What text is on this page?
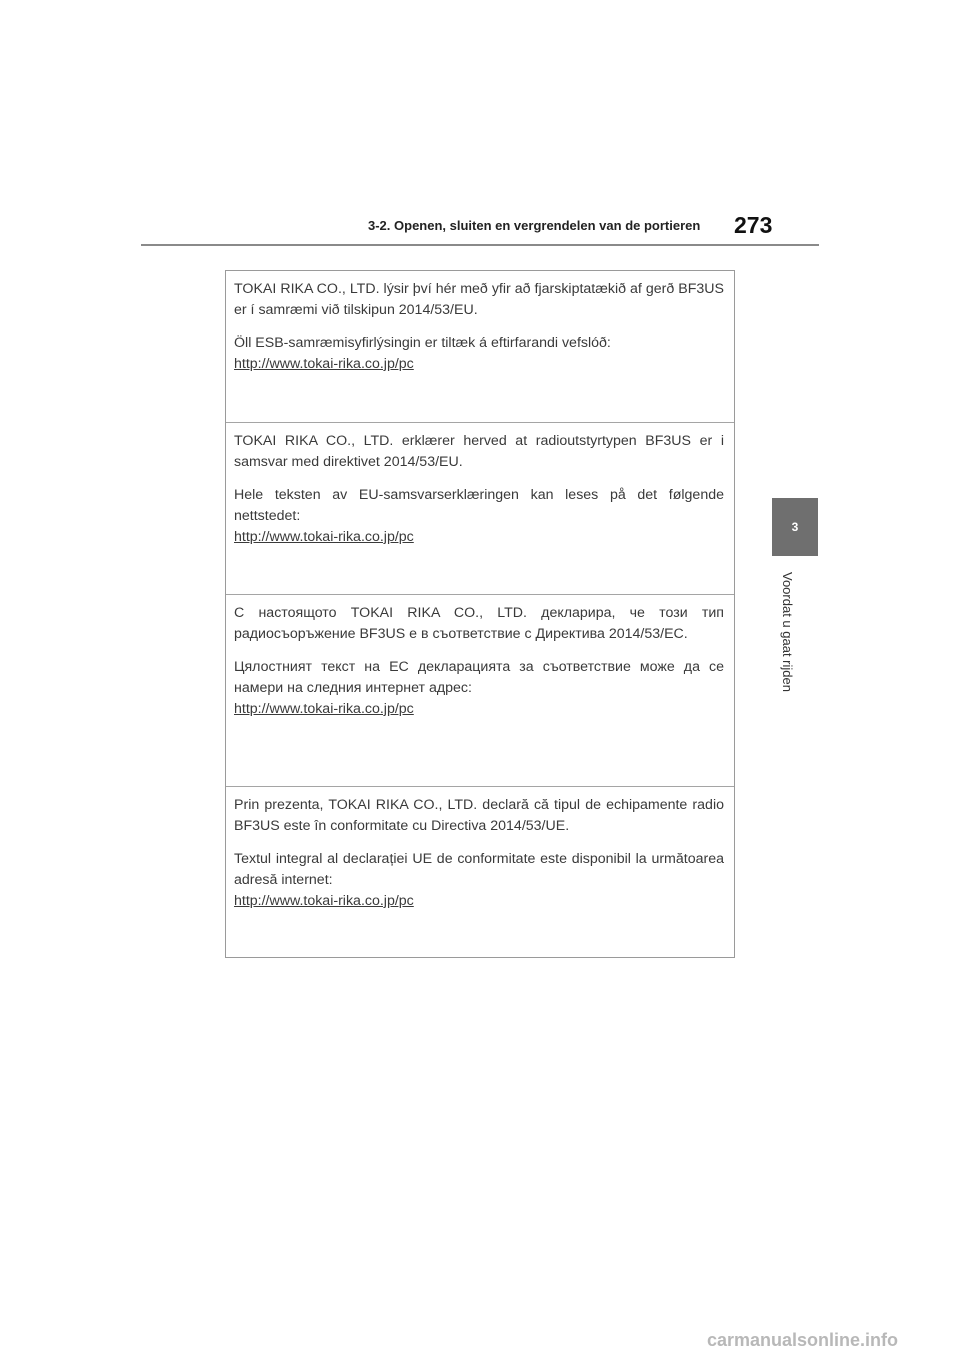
3-2. Openen, sluiten en vergrendelen van de portieren 273
3
Voordat u gaat rijden

TOKAI RIKA CO., LTD. lýsir því hér með yfir að fjarskiptatækið af gerð BF3US er í samræmi við tilskipun 2014/53/EU.

Öll ESB-samræmisyfirlýsingin er tiltæk á eftirfarandi vefslóð:

http://www.tokai-rika.co.jp/pc

TOKAI RIKA CO., LTD. erklærer herved at radioutstyrtypen BF3US er i samsvar med direktivet 2014/53/EU.

Hele teksten av EU-samsvarserklæringen kan leses på det følgende nettstedet:

http://www.tokai-rika.co.jp/pc

С настоящото TOKAI RIKA CO., LTD. декларира, че този тип радиосъоръжение BF3US е в съответствие с Директива 2014/53/ЕС.

Цялостният текст на ЕС декларацията за съответствие може да се намери на следния интернет адрес:

http://www.tokai-rika.co.jp/pc

Prin prezenta, TOKAI RIKA CO., LTD. declară că tipul de echipamente radio BF3US este în conformitate cu Directiva 2014/53/UE.

Textul integral al declarației UE de conformitate este disponibil la următoarea adresă internet:

http://www.tokai-rika.co.jp/pc
carmanualsonline.info
